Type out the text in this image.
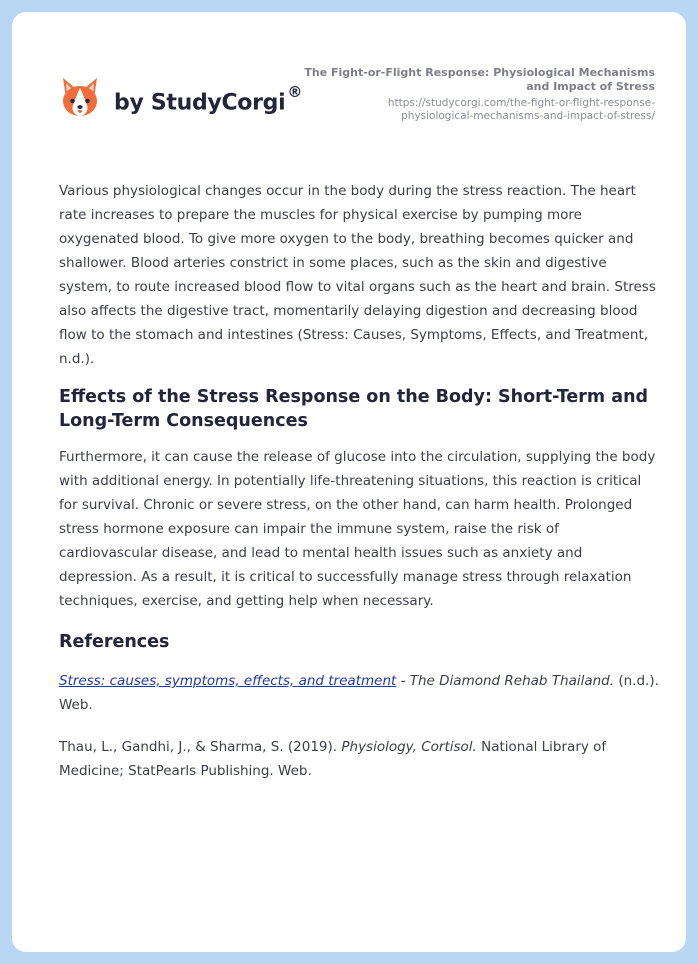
by StudyCorgi ®
The Fight-or-Flight Response: Physiological Mechanisms
and Impact of Stress
https://studycorgi.com/the-fight-or-flight-response-
physiological-mechanisms-and-impact-of-stress/

Various physiological changes occur in the body during the stress reaction. The heart rate increases to prepare the muscles for physical exercise by pumping more oxygenated blood. To give more oxygen to the body, breathing becomes quicker and shallower. Blood arteries constrict in some places, such as the skin and digestive system, to route increased blood flow to vital organs such as the heart and brain. Stress also affects the digestive tract, momentarily delaying digestion and decreasing blood flow to the stomach and intestines (Stress: Causes, Symptoms, Effects, and Treatment, n.d.).

Effects of the Stress Response on the Body: Short-Term and Long-Term Consequences

Furthermore, it can cause the release of glucose into the circulation, supplying the body with additional energy. In potentially life-threatening situations, this reaction is critical for survival. Chronic or severe stress, on the other hand, can harm health. Prolonged stress hormone exposure can impair the immune system, raise the risk of cardiovascular disease, and lead to mental health issues such as anxiety and depression. As a result, it is critical to successfully manage stress through relaxation techniques, exercise, and getting help when necessary.

References

Stress: causes, symptoms, effects, and treatment - The Diamond Rehab Thailand. (n.d.). Web.

Thau, L., Gandhi, J., & Sharma, S. (2019). Physiology, Cortisol. National Library of Medicine; StatPearls Publishing. Web.
